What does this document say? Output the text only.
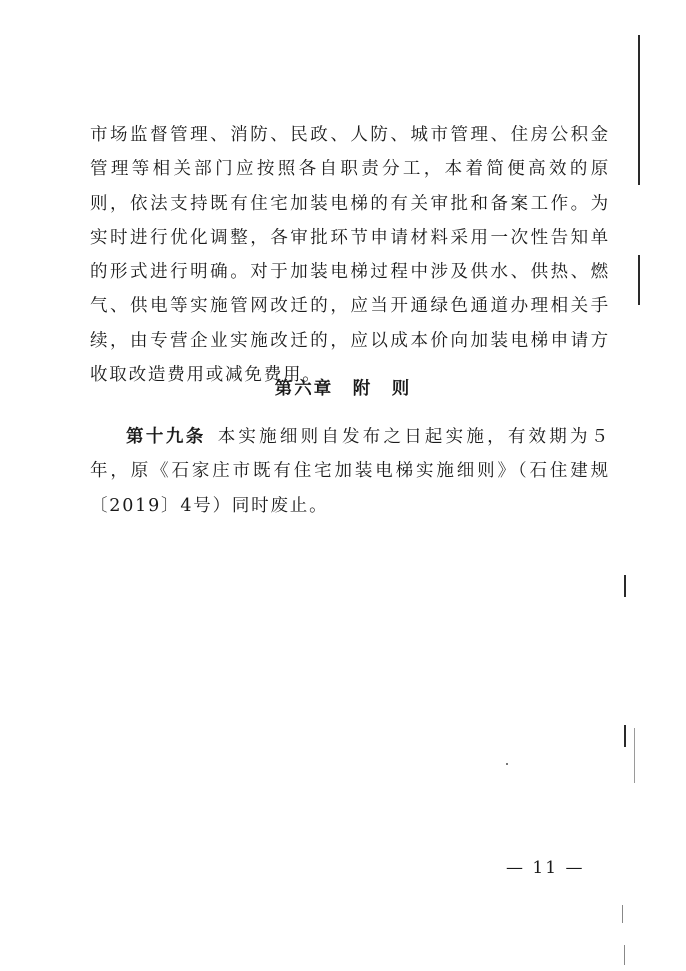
市场监督管理、消防、民政、人防、城市管理、住房公积金管理等相关部门应按照各自职责分工，本着简便高效的原则，依法支持既有住宅加装电梯的有关审批和备案工作。为实时进行优化调整，各审批环节申请材料采用一次性告知单的形式进行明确。对于加装电梯过程中涉及供水、供热、燃气、供电等实施管网改迁的，应当开通绿色通道办理相关手续，由专营企业实施改迁的，应以成本价向加装电梯申请方收取改造费用或减免费用。

第六章　附　则

第十九条 本实施细则自发布之日起实施，有效期为５年，原《石家庄市既有住宅加装电梯实施细则》（石住建规〔2019〕4号）同时废止。

— 11 —
